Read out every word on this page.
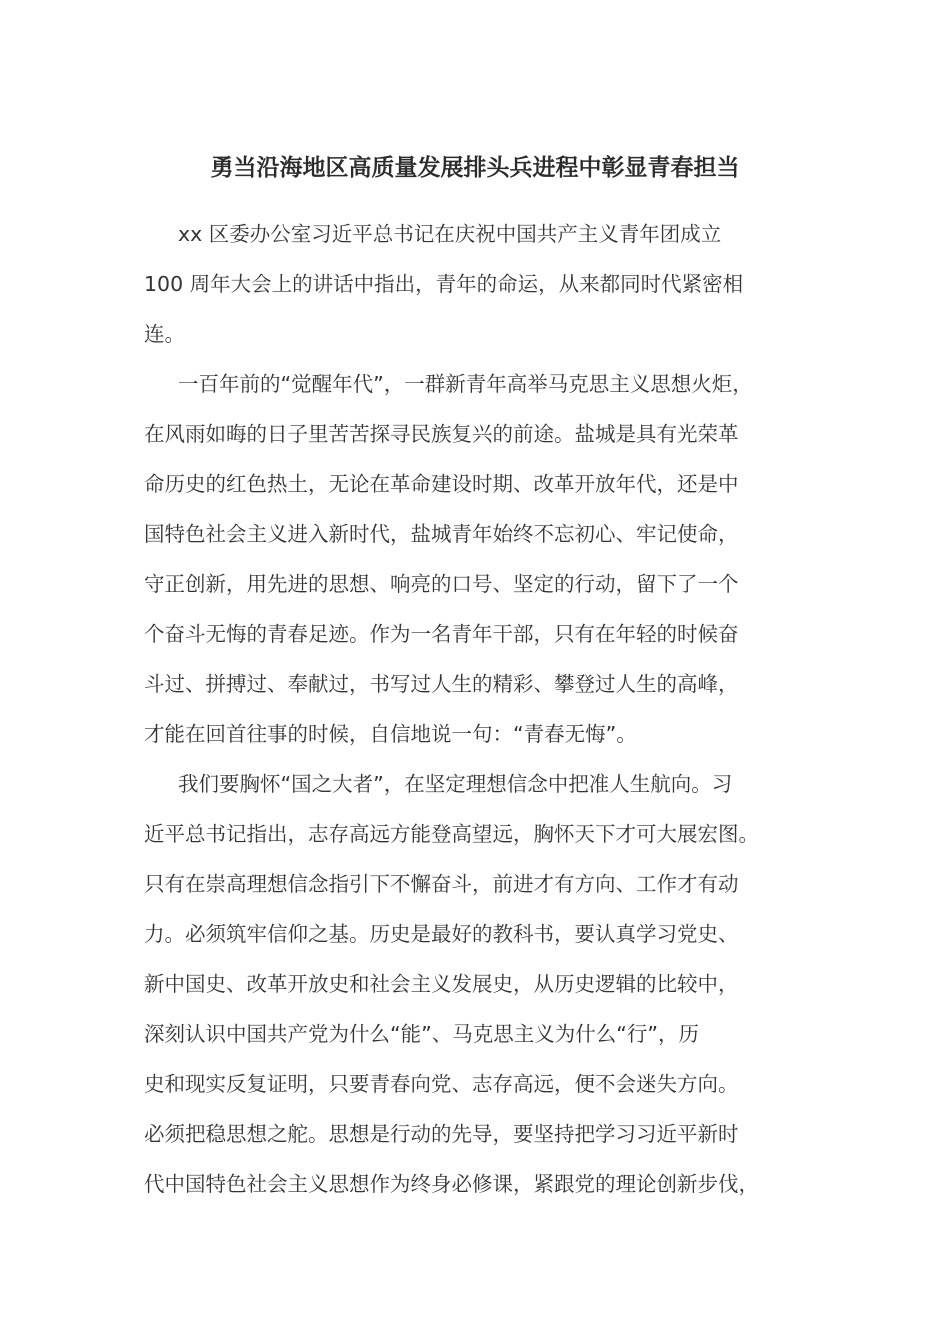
勇当沿海地区高质量发展排头兵进程中彰显青春担当
xx 区委办公室习近平总书记在庆祝中国共产主义青年团成立
100 周年大会上的讲话中指出，青年的命运，从来都同时代紧密相
连。
一百年前的“觉醒年代”，一群新青年高举马克思主义思想火炬，
在风雨如晦的日子里苦苦探寻民族复兴的前途。盐城是具有光荣革
命历史的红色热土，无论在革命建设时期、改革开放年代，还是中
国特色社会主义进入新时代，盐城青年始终不忘初心、牢记使命，
守正创新，用先进的思想、响亮的口号、坚定的行动，留下了一个
个奋斗无悔的青春足迹。作为一名青年干部，只有在年轻的时候奋
斗过、拼搏过、奉献过，书写过人生的精彩、攀登过人生的高峰，
才能在回首往事的时候，自信地说一句：“青春无悔”。
我们要胸怀“国之大者”，在坚定理想信念中把准人生航向。习
近平总书记指出，志存高远方能登高望远，胸怀天下才可大展宏图。
只有在崇高理想信念指引下不懈奋斗，前进才有方向、工作才有动
力。必须筑牢信仰之基。历史是最好的教科书，要认真学习党史、
新中国史、改革开放史和社会主义发展史，从历史逻辑的比较中，
深刻认识中国共产党为什么“能”、马克思主义为什么“行”，历
史和现实反复证明，只要青春向党、志存高远，便不会迷失方向。
必须把稳思想之舵。思想是行动的先导，要坚持把学习习近平新时
代中国特色社会主义思想作为终身必修课，紧跟党的理论创新步伐，
